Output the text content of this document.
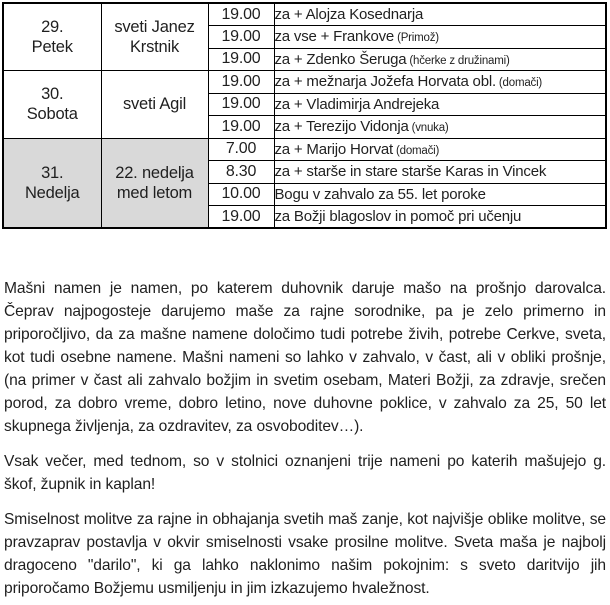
29.
Petek	sveti Janez Krstnik	19.00	za + Alojza Kosednarja
		19.00	za vse + Frankove (Primož)
		19.00	za + Zdenko Šeruga (hčerke z družinami)

30.
Sobota	sveti Agil	19.00	za + mežnarja Jožefa Horvata obl. (domači)
		19.00	za + Vladimirja Andrejeka
		19.00	za + Terezijo Vidonja (vnuka)

31.
Nedelja	22. nedelja med letom	7.00	za + Marijo Horvat (domači)
		8.30	za + starše in stare starše Karas in Vincek
		10.00	Bogu v zahvalo za 55. let poroke
		19.00	za Božji blagoslov in pomoč pri učenju

Mašni namen je namen, po katerem duhovnik daruje mašo na prošnjo darovalca. Čeprav najpogosteje darujemo maše za rajne sorodnike, pa je zelo primerno in priporočljivo, da za mašne namene določimo tudi potrebe živih, potrebe Cerkve, sveta, kot tudi osebne namene. Mašni nameni so lahko v zahvalo, v čast, ali v obliki prošnje, (na primer v čast ali zahvalo božjim in svetim osebam, Materi Božji, za zdravje, srečen porod, za dobro vreme, dobro letino, nove duhovne poklice, v zahvalo za 25, 50 let skupnega življenja, za ozdravitev, za osvoboditev…).

Vsak večer, med tednom, so v stolnici oznanjeni trije nameni po katerih mašujejo g. škof, župnik in kaplan!

Smiselnost molitve za rajne in obhajanja svetih maš zanje, kot najvišje oblike molitve, se pravzaprav postavlja v okvir smiselnosti vsake prosilne molitve. Sveta maša je najbolj dragoceno "darilo", ki ga lahko naklonimo našim pokojnim: s sveto daritvijo jih priporočamo Božjemu usmiljenju in jim izkazujemo hvaležnost.
